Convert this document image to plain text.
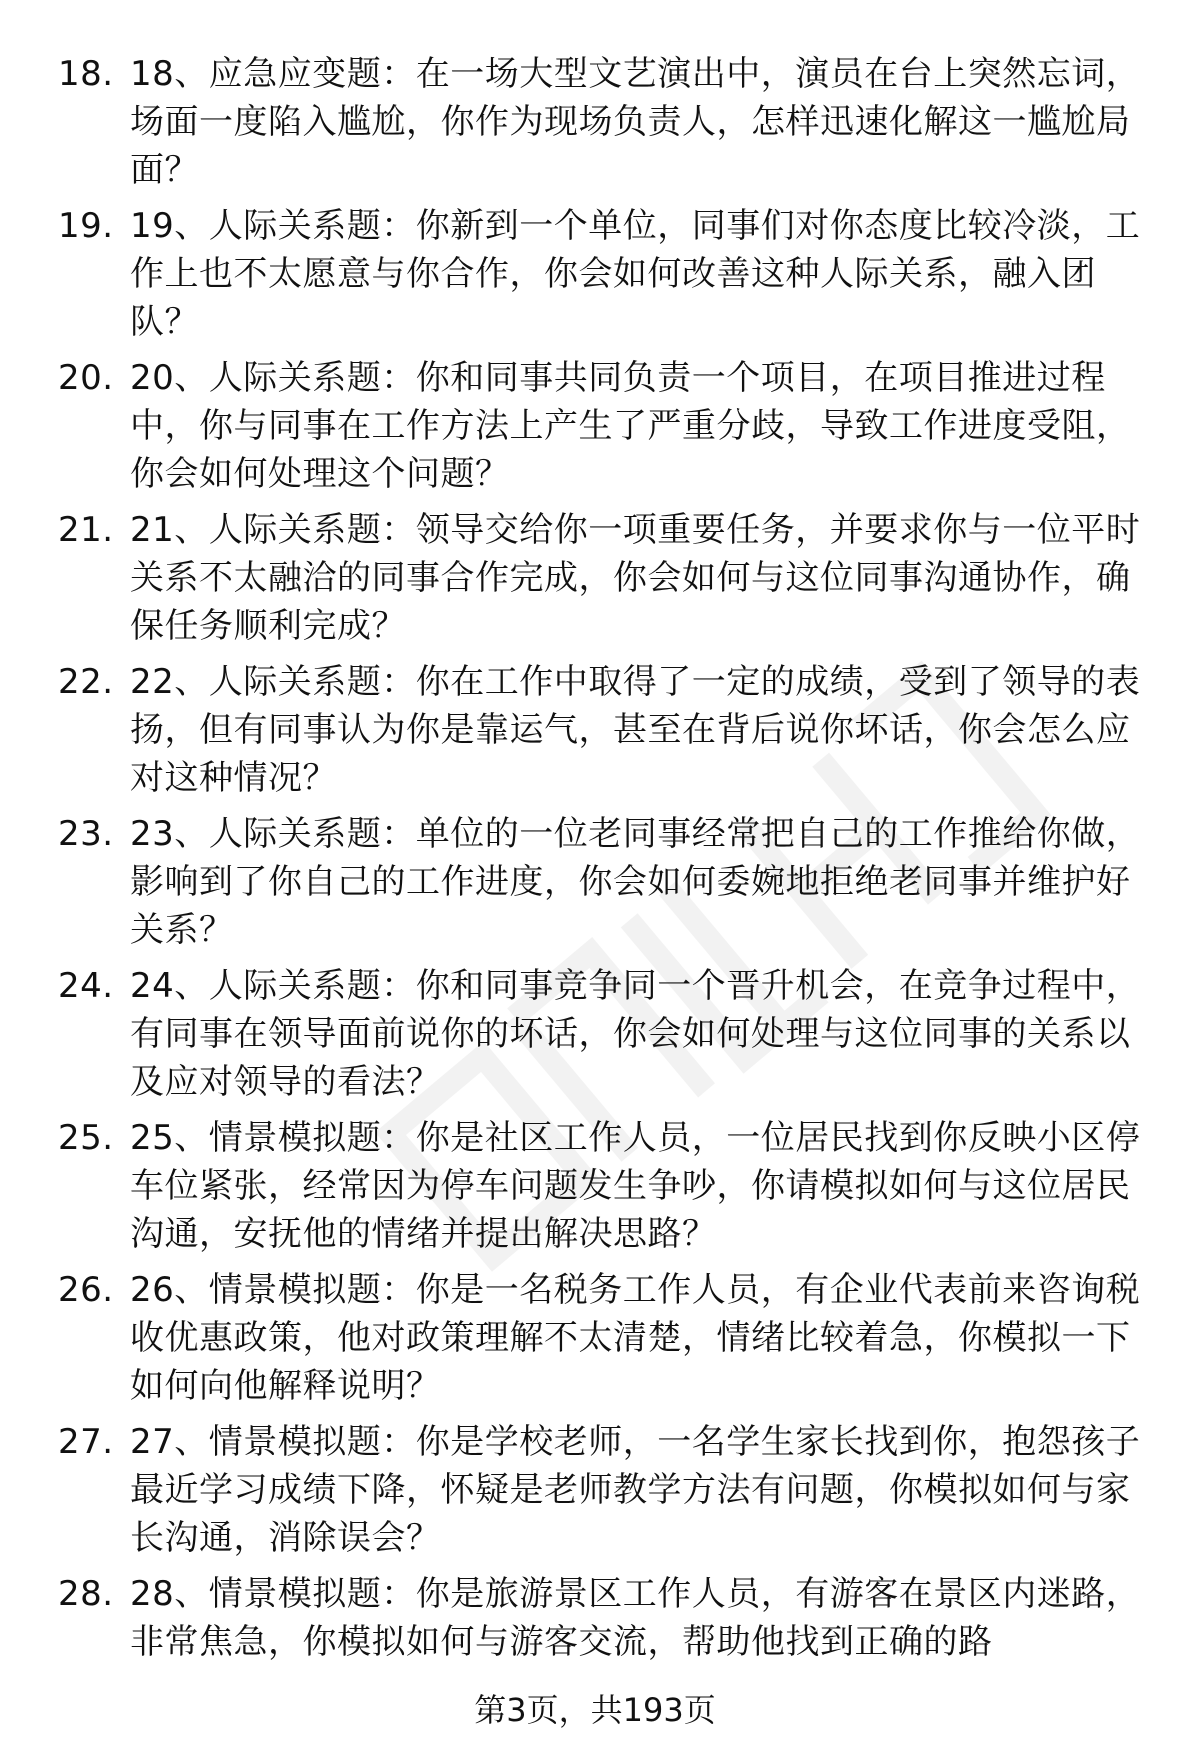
18. 18、应急应变题：在一场大型文艺演出中，演员在台上突然忘词，场面一度陷入尴尬，你作为现场负责人，怎样迅速化解这一尴尬局面？
19. 19、人际关系题：你新到一个单位，同事们对你态度比较冷淡，工作上也不太愿意与你合作，你会如何改善这种人际关系，融入团队？
20. 20、人际关系题：你和同事共同负责一个项目，在项目推进过程中，你与同事在工作方法上产生了严重分歧，导致工作进度受阻，你会如何处理这个问题？
21. 21、人际关系题：领导交给你一项重要任务，并要求你与一位平时关系不太融洽的同事合作完成，你会如何与这位同事沟通协作，确保任务顺利完成？
22. 22、人际关系题：你在工作中取得了一定的成绩，受到了领导的表扬，但有同事认为你是靠运气，甚至在背后说你坏话，你会怎么应对这种情况？
23. 23、人际关系题：单位的一位老同事经常把自己的工作推给你做，影响到了你自己的工作进度，你会如何委婉地拒绝老同事并维护好关系？
24. 24、人际关系题：你和同事竞争同一个晋升机会，在竞争过程中，有同事在领导面前说你的坏话，你会如何处理与这位同事的关系以及应对领导的看法？
25. 25、情景模拟题：你是社区工作人员，一位居民找到你反映小区停车位紧张，经常因为停车问题发生争吵，你请模拟如何与这位居民沟通，安抚他的情绪并提出解决思路？
26. 26、情景模拟题：你是一名税务工作人员，有企业代表前来咨询税收优惠政策，他对政策理解不太清楚，情绪比较着急，你模拟一下如何向他解释说明？
27. 27、情景模拟题：你是学校老师，一名学生家长找到你，抱怨孩子最近学习成绩下降，怀疑是老师教学方法有问题，你模拟如何与家长沟通，消除误会？
28. 28、情景模拟题：你是旅游景区工作人员，有游客在景区内迷路，非常焦急，你模拟如何与游客交流，帮助他找到正确的路
第3页，共193页
